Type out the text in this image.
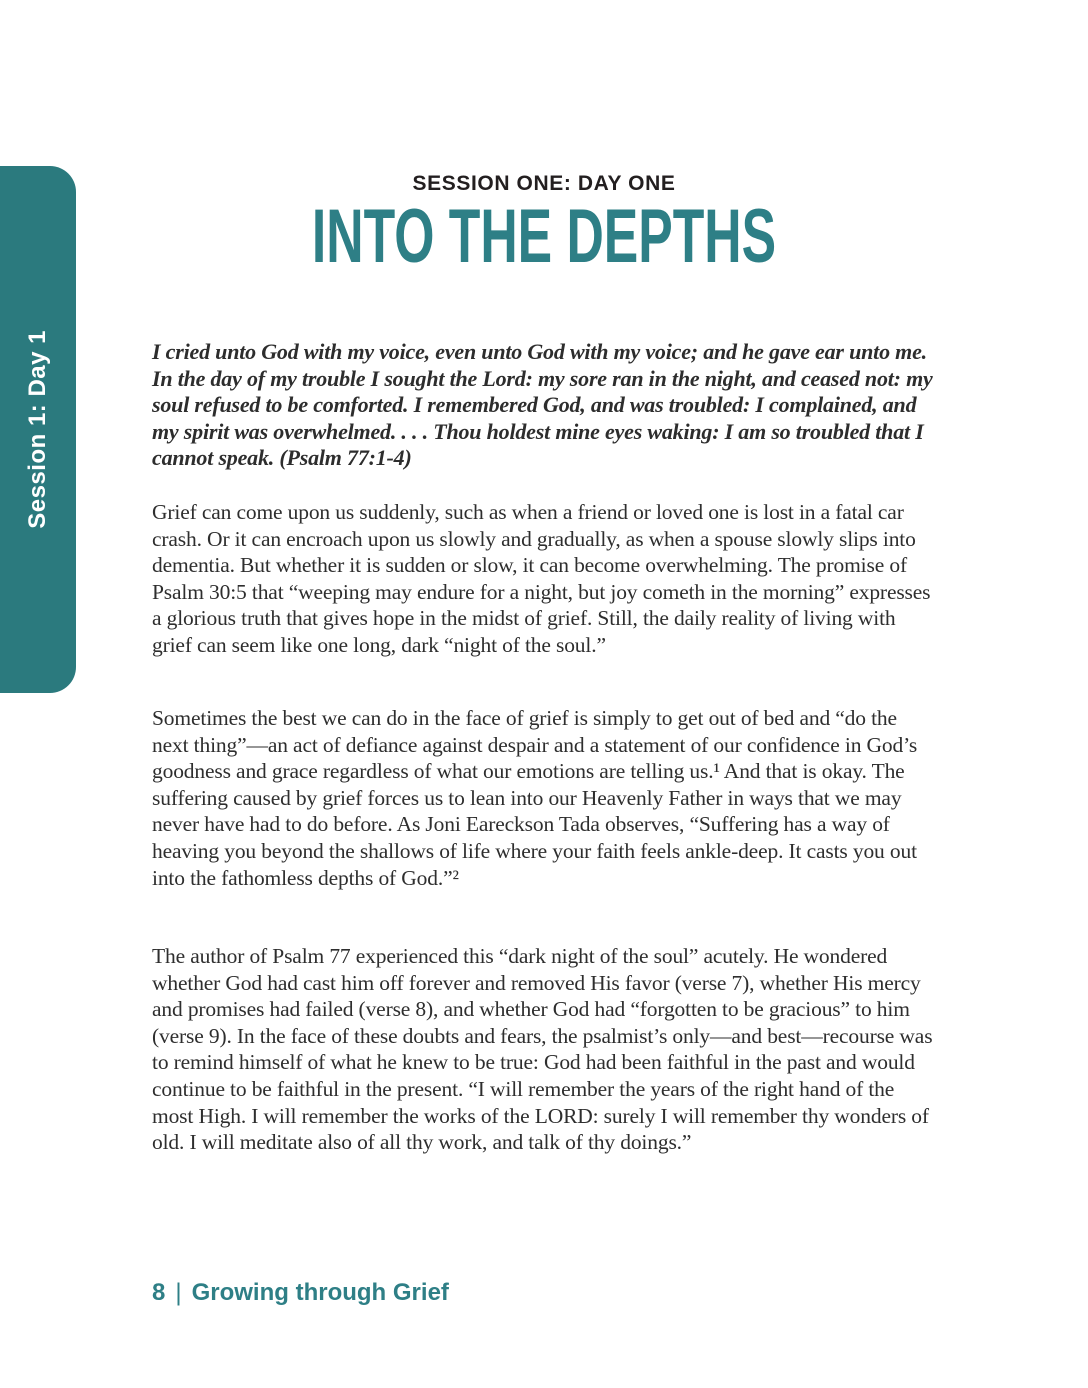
Session 1: Day 1
SESSION ONE: DAY ONE
INTO THE DEPTHS

I cried unto God with my voice, even unto God with my voice; and he gave ear unto me. In the day of my trouble I sought the Lord: my sore ran in the night, and ceased not: my soul refused to be comforted. I remembered God, and was troubled: I complained, and my spirit was overwhelmed. . . . Thou holdest mine eyes waking: I am so troubled that I cannot speak. (Psalm 77:1-4)

Grief can come upon us suddenly, such as when a friend or loved one is lost in a fatal car crash. Or it can encroach upon us slowly and gradually, as when a spouse slowly slips into dementia. But whether it is sudden or slow, it can become overwhelming. The promise of Psalm 30:5 that “weeping may endure for a night, but joy cometh in the morning” expresses a glorious truth that gives hope in the midst of grief. Still, the daily reality of living with grief can seem like one long, dark “night of the soul.”

Sometimes the best we can do in the face of grief is simply to get out of bed and “do the next thing”—an act of defiance against despair and a statement of our confidence in God’s goodness and grace regardless of what our emotions are telling us.¹ And that is okay. The suffering caused by grief forces us to lean into our Heavenly Father in ways that we may never have had to do before. As Joni Eareckson Tada observes, “Suffering has a way of heaving you beyond the shallows of life where your faith feels ankle-deep. It casts you out into the fathomless depths of God.”²

The author of Psalm 77 experienced this “dark night of the soul” acutely. He wondered whether God had cast him off forever and removed His favor (verse 7), whether His mercy and promises had failed (verse 8), and whether God had “forgotten to be gracious” to him (verse 9). In the face of these doubts and fears, the psalmist’s only—and best—recourse was to remind himself of what he knew to be true: God had been faithful in the past and would continue to be faithful in the present. “I will remember the years of the right hand of the most High. I will remember the works of the LORD: surely I will remember thy wonders of old. I will meditate also of all thy work, and talk of thy doings.”

8 | Growing through Grief
